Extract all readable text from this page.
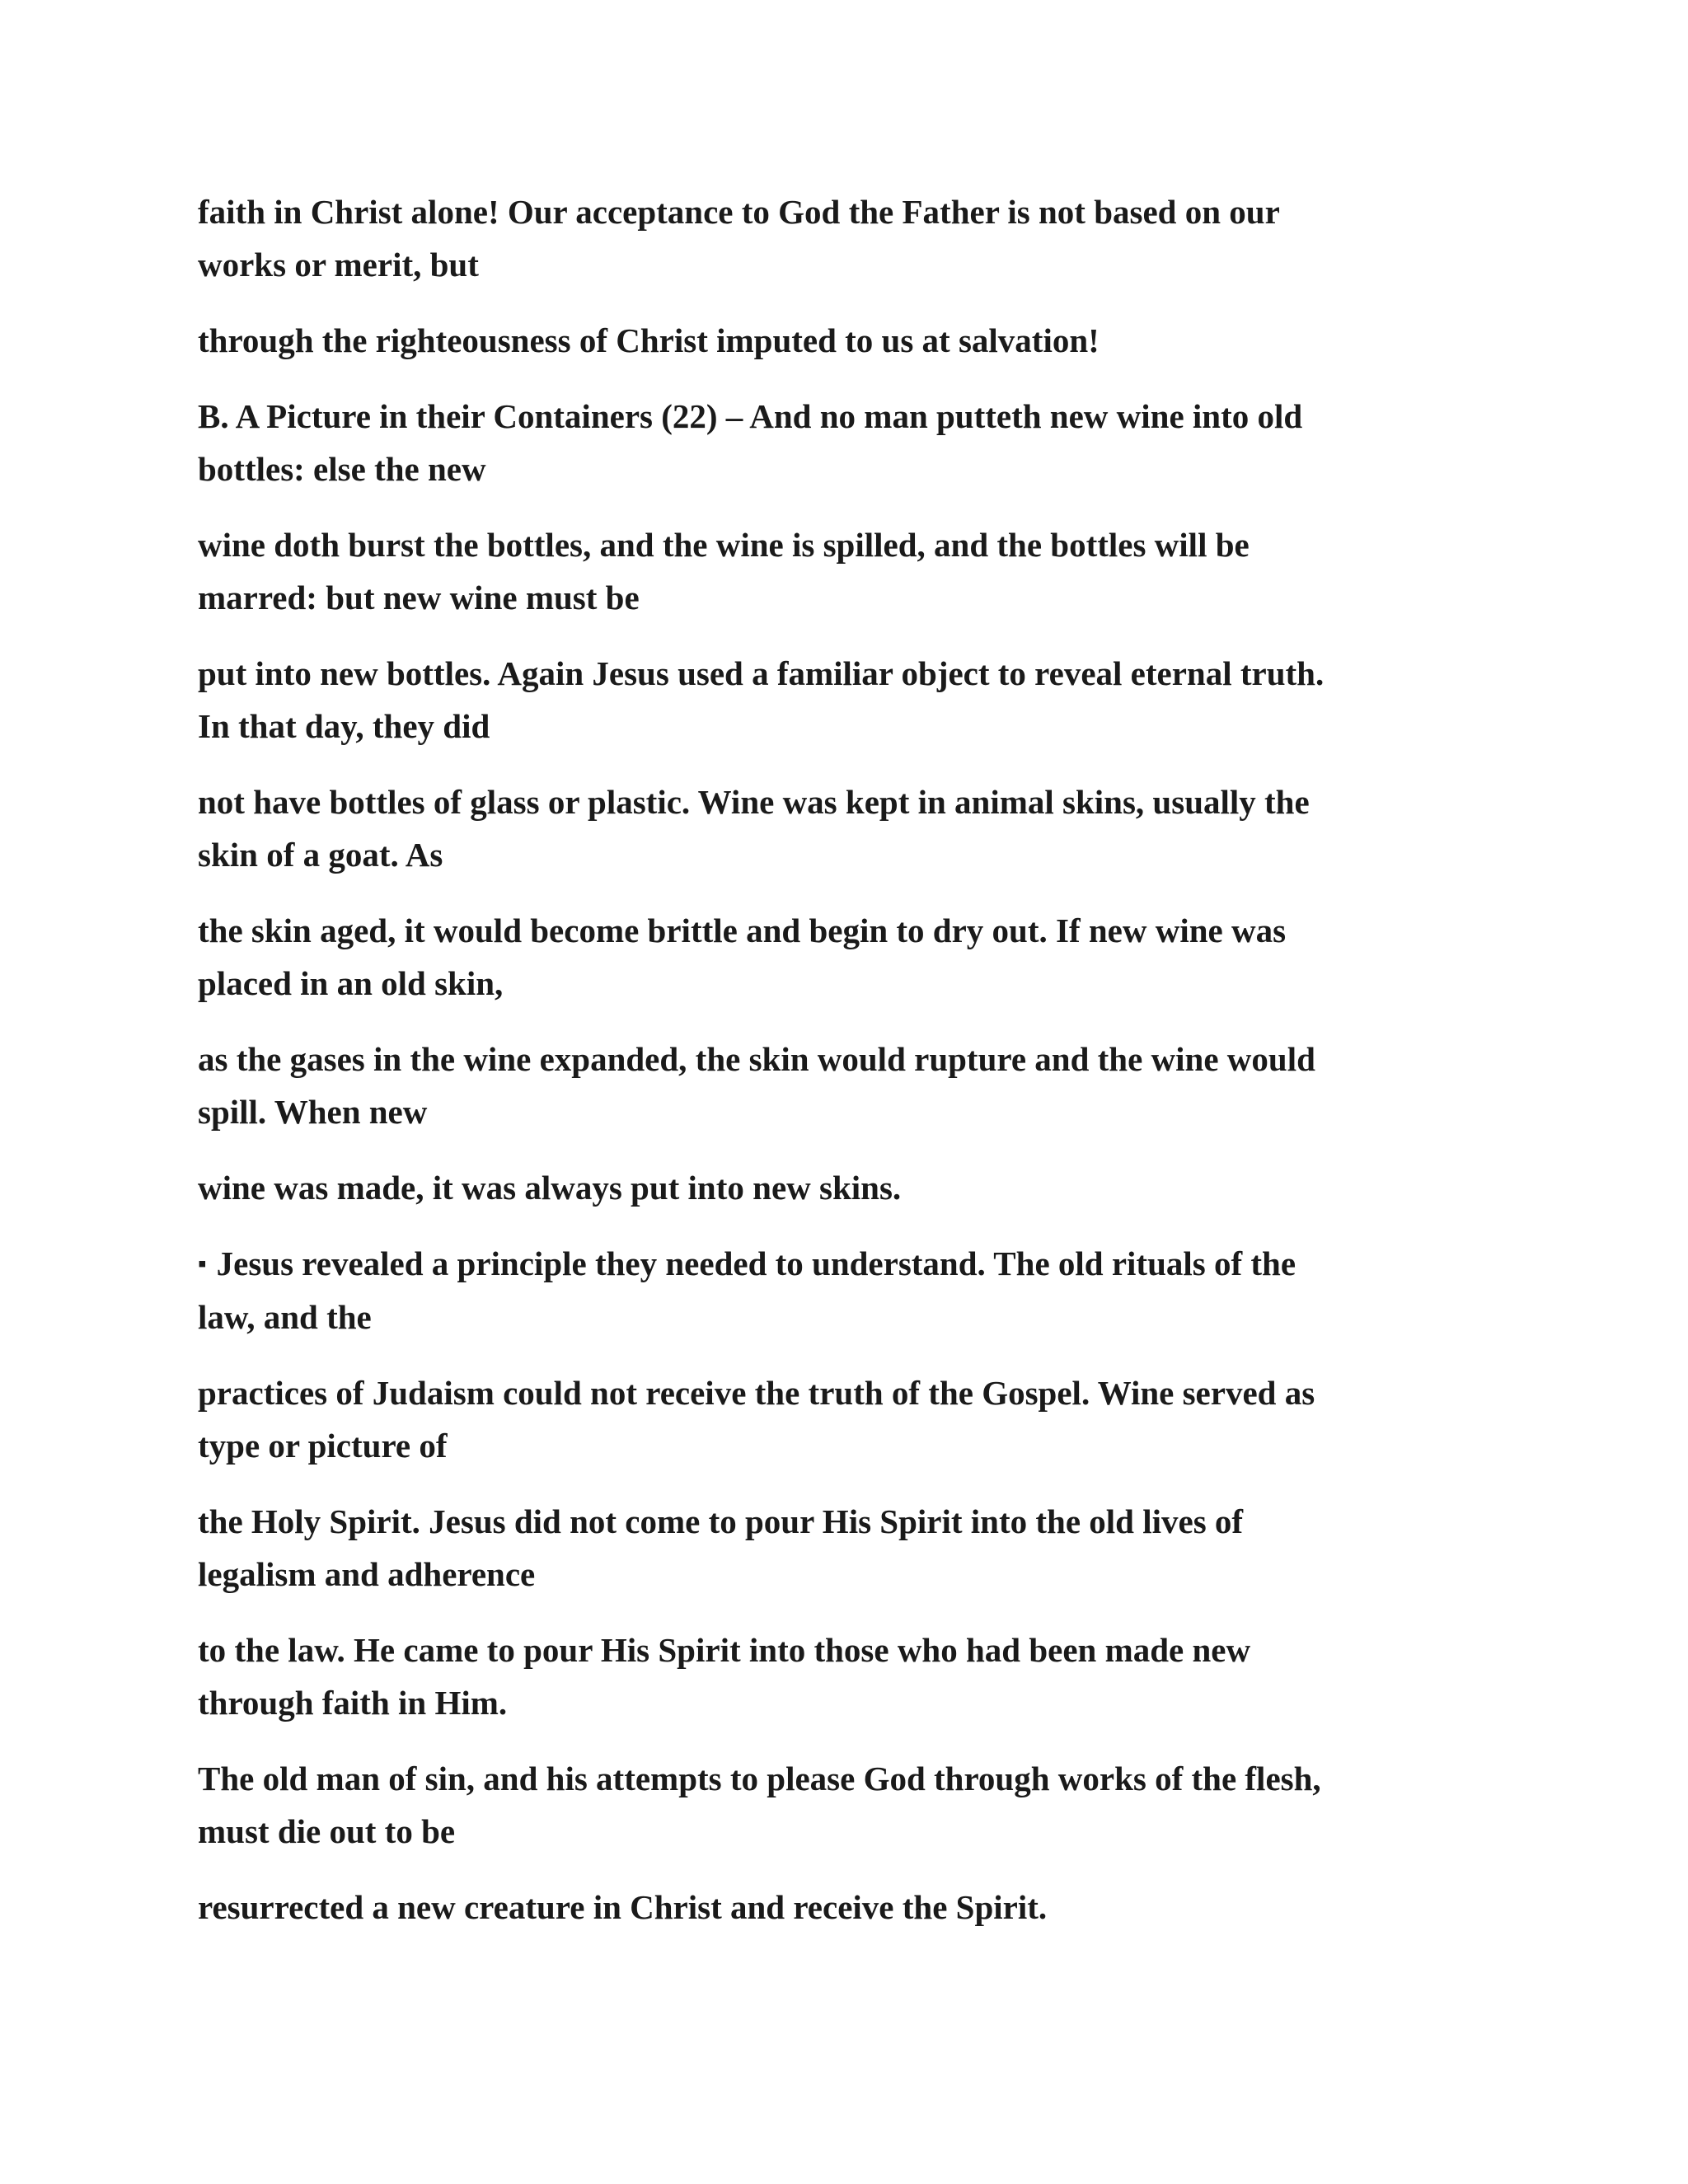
faith in Christ alone! Our acceptance to God the Father is not based on our
works or merit, but

through the righteousness of Christ imputed to us at salvation!

B. A Picture in their Containers (22) – And no man putteth new wine into old
bottles: else the new

wine doth burst the bottles, and the wine is spilled, and the bottles will be
marred: but new wine must be

put into new bottles. Again Jesus used a familiar object to reveal eternal truth.
In that day, they did

not have bottles of glass or plastic. Wine was kept in animal skins, usually the
skin of a goat. As

the skin aged, it would become brittle and begin to dry out. If new wine was
placed in an old skin,

as the gases in the wine expanded, the skin would rupture and the wine would
spill. When new

wine was made, it was always put into new skins.

▪ Jesus revealed a principle they needed to understand. The old rituals of the
law, and the

practices of Judaism could not receive the truth of the Gospel. Wine served as
type or picture of

the Holy Spirit. Jesus did not come to pour His Spirit into the old lives of
legalism and adherence

to the law. He came to pour His Spirit into those who had been made new
through faith in Him.

The old man of sin, and his attempts to please God through works of the flesh,
must die out to be

resurrected a new creature in Christ and receive the Spirit.
